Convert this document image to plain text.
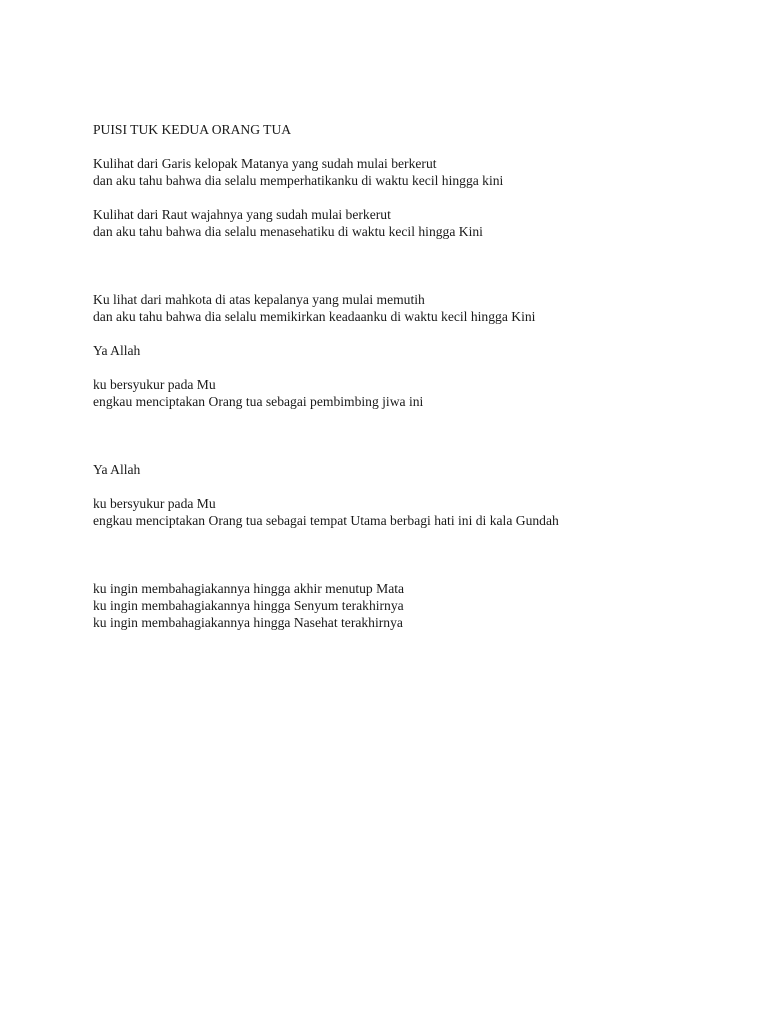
PUISI TUK KEDUA ORANG TUA
Kulihat dari Garis kelopak Matanya yang sudah mulai berkerut
dan aku tahu bahwa dia selalu memperhatikanku di waktu kecil hingga kini
Kulihat dari Raut wajahnya yang sudah mulai berkerut
dan aku tahu bahwa dia selalu menasehatiku di waktu kecil hingga Kini
Ku lihat dari mahkota di atas kepalanya yang mulai memutih
dan aku tahu bahwa dia selalu memikirkan keadaanku di waktu kecil hingga Kini
Ya Allah
ku bersyukur pada Mu
engkau menciptakan Orang tua sebagai pembimbing jiwa ini
Ya Allah
ku bersyukur pada Mu
engkau menciptakan Orang tua sebagai tempat Utama berbagi hati ini di kala Gundah
ku ingin membahagiakannya hingga akhir menutup Mata
ku ingin membahagiakannya hingga Senyum terakhirnya
ku ingin membahagiakannya hingga Nasehat terakhirnya
